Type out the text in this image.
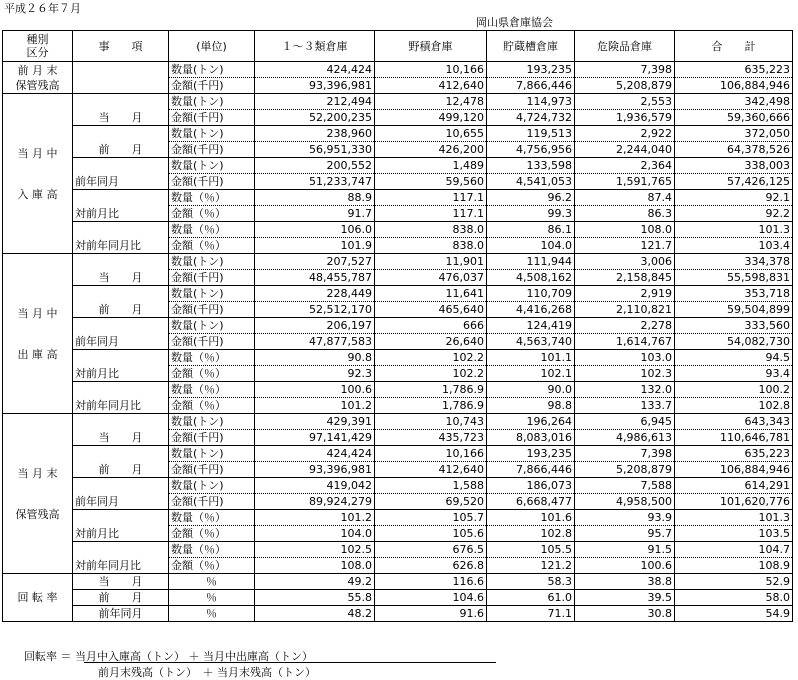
平成２６年７月
岡山県倉庫協会
種別
区分	事　　項	(単位)	１～３類倉庫	野積倉庫	貯蔵槽倉庫	危険品倉庫	合　　計

前 月 末
保管残高		数量(トン)	424,424	10,166	193,235	7,398	635,223
		金額(千円)	93,396,981	412,640	7,866,446	5,208,879	106,884,946

当 月 中
入 庫 高	当　　月	数量(トン)	212,494	12,478	114,973	2,553	342,498
		金額(千円)	52,200,235	499,120	4,724,732	1,936,579	59,360,666
	前　　月	数量(トン)	238,960	10,655	119,513	2,922	372,050
		金額(千円)	56,951,330	426,200	4,756,956	2,244,040	64,378,526
	前年同月	数量(トン)	200,552	1,489	133,598	2,364	338,003
		金額(千円)	51,233,747	59,560	4,541,053	1,591,765	57,426,125
	対前月比	数量（％）	88.9	117.1	96.2	87.4	92.1
		金額（％）	91.7	117.1	99.3	86.3	92.2
	対前年同月比	数量（％）	106.0	838.0	86.1	108.0	101.3
		金額（％）	101.9	838.0	104.0	121.7	103.4

当 月 中
出 庫 高	当　　月	数量(トン)	207,527	11,901	111,944	3,006	334,378
		金額(千円)	48,455,787	476,037	4,508,162	2,158,845	55,598,831
	前　　月	数量(トン)	228,449	11,641	110,709	2,919	353,718
		金額(千円)	52,512,170	465,640	4,416,268	2,110,821	59,504,899
	前年同月	数量(トン)	206,197	666	124,419	2,278	333,560
		金額(千円)	47,877,583	26,640	4,563,740	1,614,767	54,082,730
	対前月比	数量（％）	90.8	102.2	101.1	103.0	94.5
		金額（％）	92.3	102.2	102.1	102.3	93.4
	対前年同月比	数量（％）	100.6	1,786.9	90.0	132.0	100.2
		金額（％）	101.2	1,786.9	98.8	133.7	102.8

当 月 末
保管残高	当　　月	数量(トン)	429,391	10,743	196,264	6,945	643,343
		金額(千円)	97,141,429	435,723	8,083,016	4,986,613	110,646,781
	前　　月	数量(トン)	424,424	10,166	193,235	7,398	635,223
		金額(千円)	93,396,981	412,640	7,866,446	5,208,879	106,884,946
	前年同月	数量(トン)	419,042	1,588	186,073	7,588	614,291
		金額(千円)	89,924,279	69,520	6,668,477	4,958,500	101,620,776
	対前月比	数量（％）	101.2	105.7	101.6	93.9	101.3
		金額（％）	104.0	105.6	102.8	95.7	103.5
	対前年同月比	数量（％）	102.5	676.5	105.5	91.5	104.7
		金額（％）	108.0	626.8	121.2	100.6	108.9

回 転 率	当　　月	％	49.2	116.6	58.3	38.8	52.9
	前　　月	％	55.8	104.6	61.0	39.5	58.0
	前年同月	％	48.2	91.6	71.1	30.8	54.9
回転率 ＝ 当月中入庫高（トン） ＋ 当月中出庫高（トン）
前月末残高（トン）　＋ 当月末残高（トン）
